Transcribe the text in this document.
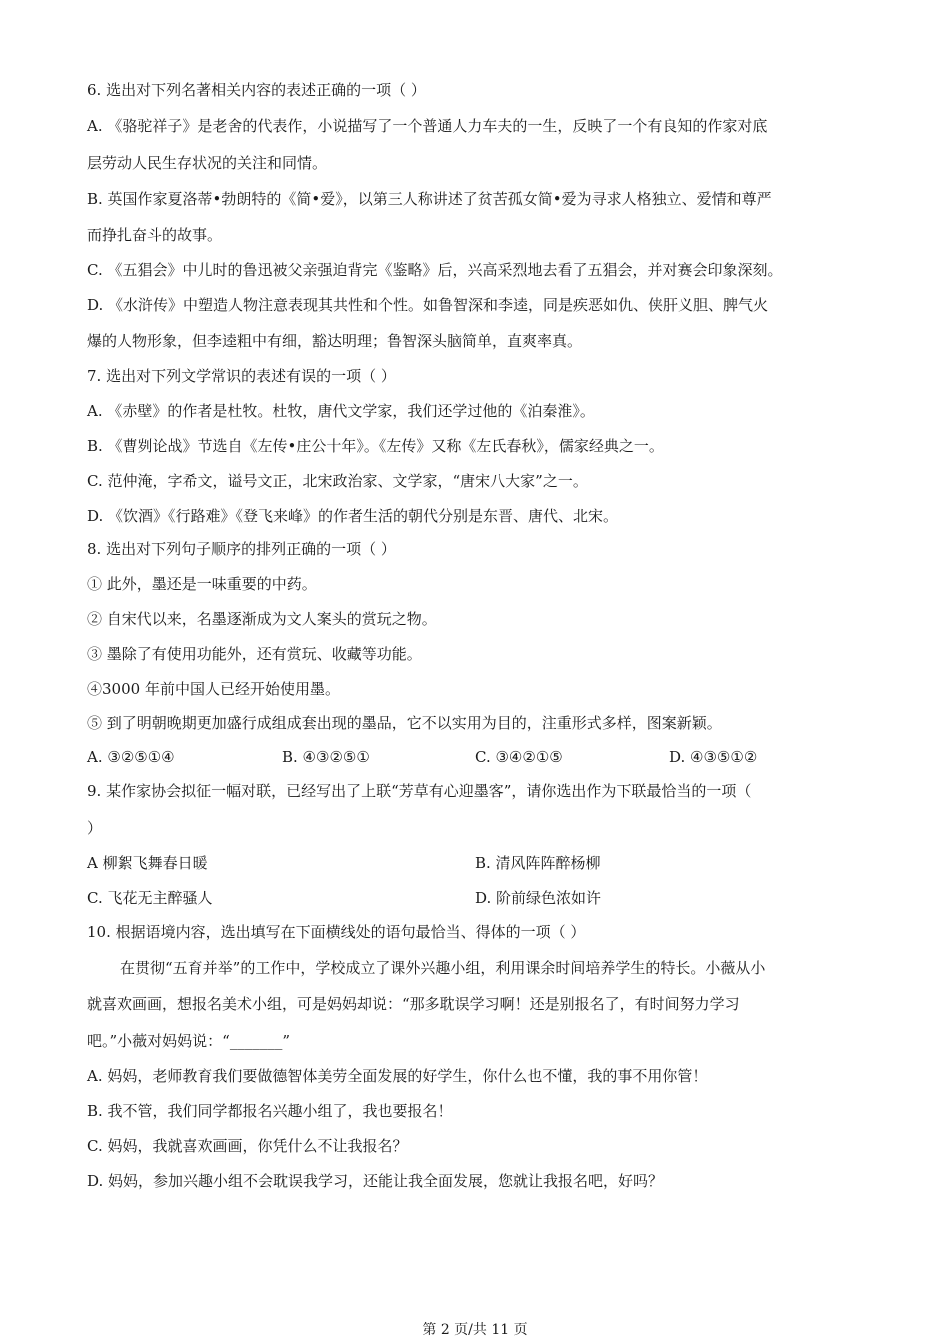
6. 选出对下列名著相关内容的表述正确的一项（ ）
A. 《骆驼祥子》是老舍的代表作，小说描写了一个普通人力车夫的一生，反映了一个有良知的作家对底
层劳动人民生存状况的关注和同情。
B. 英国作家夏洛蒂•勃朗特的《简•爱》，以第三人称讲述了贫苦孤女简•爱为寻求人格独立、爱情和尊严
而挣扎奋斗的故事。
C. 《五猖会》中儿时的鲁迅被父亲强迫背完《鉴略》后，兴高采烈地去看了五猖会，并对赛会印象深刻。
D. 《水浒传》中塑造人物注意表现其共性和个性。如鲁智深和李逵，同是疾恶如仇、侠肝义胆、脾气火
爆的人物形象，但李逵粗中有细，豁达明理；鲁智深头脑简单，直爽率真。
7. 选出对下列文学常识的表述有误的一项（ ）
A. 《赤壁》的作者是杜牧。杜牧，唐代文学家，我们还学过他的《泊秦淮》。
B. 《曹刿论战》节选自《左传•庄公十年》。《左传》又称《左氏春秋》，儒家经典之一。
C. 范仲淹，字希文，谥号文正，北宋政治家、文学家，“唐宋八大家”之一。
D. 《饮酒》《行路难》《登飞来峰》的作者生活的朝代分别是东晋、唐代、北宋。
8. 选出对下列句子顺序的排列正确的一项（ ）
① 此外，墨还是一味重要的中药。
② 自宋代以来，名墨逐渐成为文人案头的赏玩之物。
③ 墨除了有使用功能外，还有赏玩、收藏等功能。
④3000 年前中国人已经开始使用墨。
⑤ 到了明朝晚期更加盛行成组成套出现的墨品，它不以实用为目的，注重形式多样，图案新颖。
A. ③②⑤①④	B. ④③②⑤①	C. ③④②①⑤	D. ④③⑤①②
9. 某作家协会拟征一幅对联，已经写出了上联“芳草有心迎墨客”，请你选出作为下联最恰当的一项（
）
A 柳絮飞舞春日暖	B. 清风阵阵醉杨柳
C. 飞花无主醉骚人	D. 阶前绿色浓如许
10. 根据语境内容，选出填写在下面横线处的语句最恰当、得体的一项（ ）
在贯彻“五育并举”的工作中，学校成立了课外兴趣小组，利用课余时间培养学生的特长。小薇从小
就喜欢画画，想报名美术小组，可是妈妈却说：“那多耽误学习啊！还是别报名了，有时间努力学习
吧。”小薇对妈妈说：“_______”
A. 妈妈，老师教育我们要做德智体美劳全面发展的好学生，你什么也不懂，我的事不用你管！
B. 我不管，我们同学都报名兴趣小组了，我也要报名！
C. 妈妈，我就喜欢画画，你凭什么不让我报名？
D. 妈妈，参加兴趣小组不会耽误我学习，还能让我全面发展，您就让我报名吧，好吗？
第 2 页/共 11 页
